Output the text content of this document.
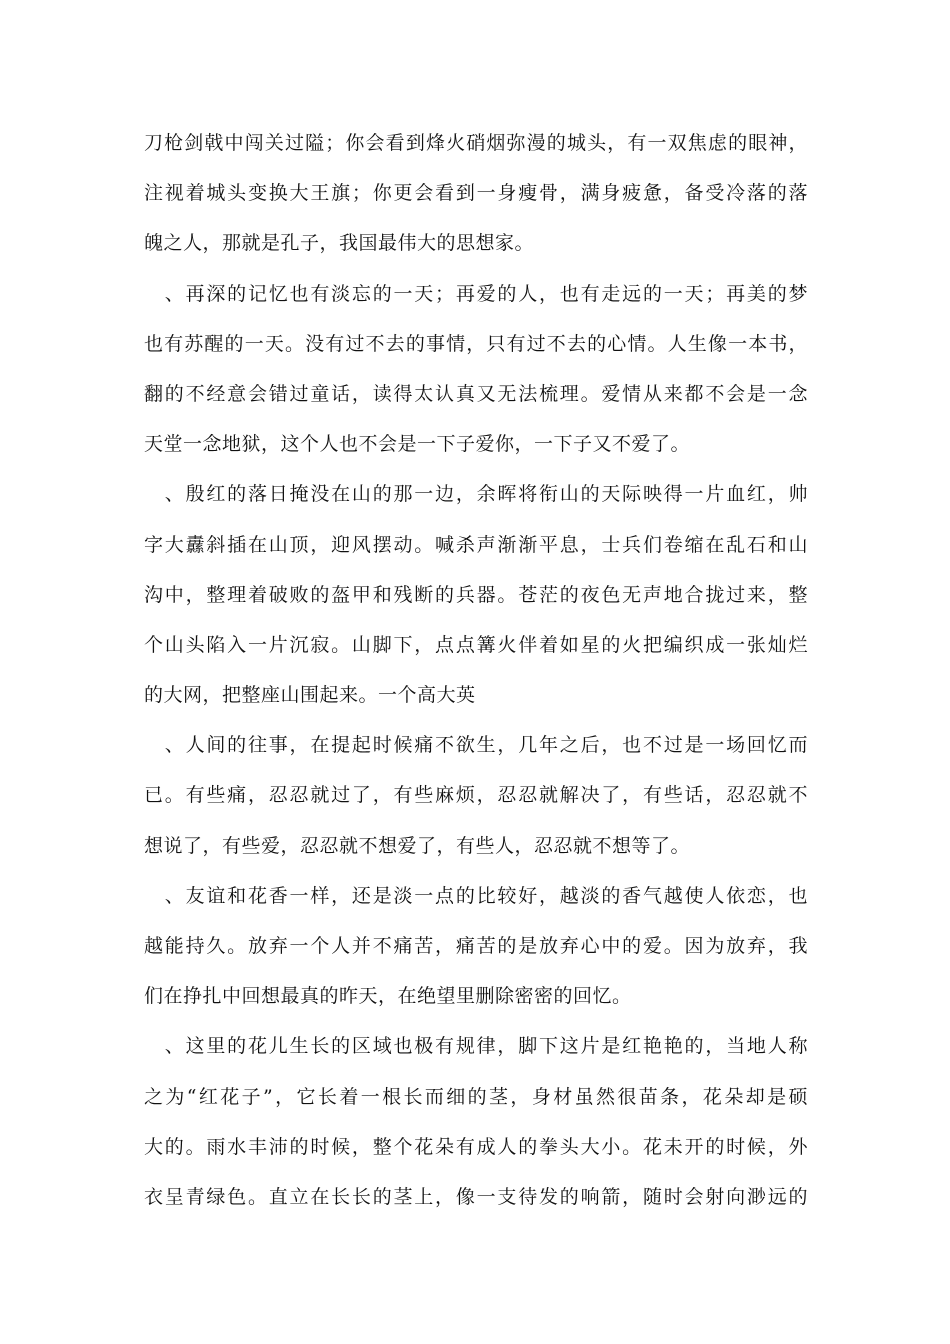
刀枪剑戟中闯关过隘；你会看到烽火硝烟弥漫的城头，有一双焦虑的眼神，
注视着城头变换大王旗；你更会看到一身瘦骨，满身疲惫，备受冷落的落
魄之人，那就是孔子，我国最伟大的思想家。

　、再深的记忆也有淡忘的一天；再爱的人，也有走远的一天；再美的梦
也有苏醒的一天。没有过不去的事情，只有过不去的心情。人生像一本书，
翻的不经意会错过童话，读得太认真又无法梳理。爱情从来都不会是一念
天堂一念地狱，这个人也不会是一下子爱你，一下子又不爱了。

　、殷红的落日掩没在山的那一边，余晖将衔山的天际映得一片血红，帅
字大纛斜插在山顶，迎风摆动。喊杀声渐渐平息，士兵们卷缩在乱石和山
沟中，整理着破败的盔甲和残断的兵器。苍茫的夜色无声地合拢过来，整
个山头陷入一片沉寂。山脚下，点点篝火伴着如星的火把编织成一张灿烂
的大网，把整座山围起来。一个高大英

　、人间的往事，在提起时候痛不欲生，几年之后，也不过是一场回忆而
已。有些痛，忍忍就过了，有些麻烦，忍忍就解决了，有些话，忍忍就不
想说了，有些爱，忍忍就不想爱了，有些人，忍忍就不想等了。

　、友谊和花香一样，还是淡一点的比较好，越淡的香气越使人依恋，也
越能持久。放弃一个人并不痛苦，痛苦的是放弃心中的爱。因为放弃，我
们在挣扎中回想最真的昨天，在绝望里删除密密的回忆。

　、这里的花儿生长的区域也极有规律，脚下这片是红艳艳的，当地人称
之为“红花子”，它长着一根长而细的茎，身材虽然很苗条，花朵却是硕
大的。雨水丰沛的时候，整个花朵有成人的拳头大小。花未开的时候，外
衣呈青绿色。直立在长长的茎上，像一支待发的响箭，随时会射向渺远的
